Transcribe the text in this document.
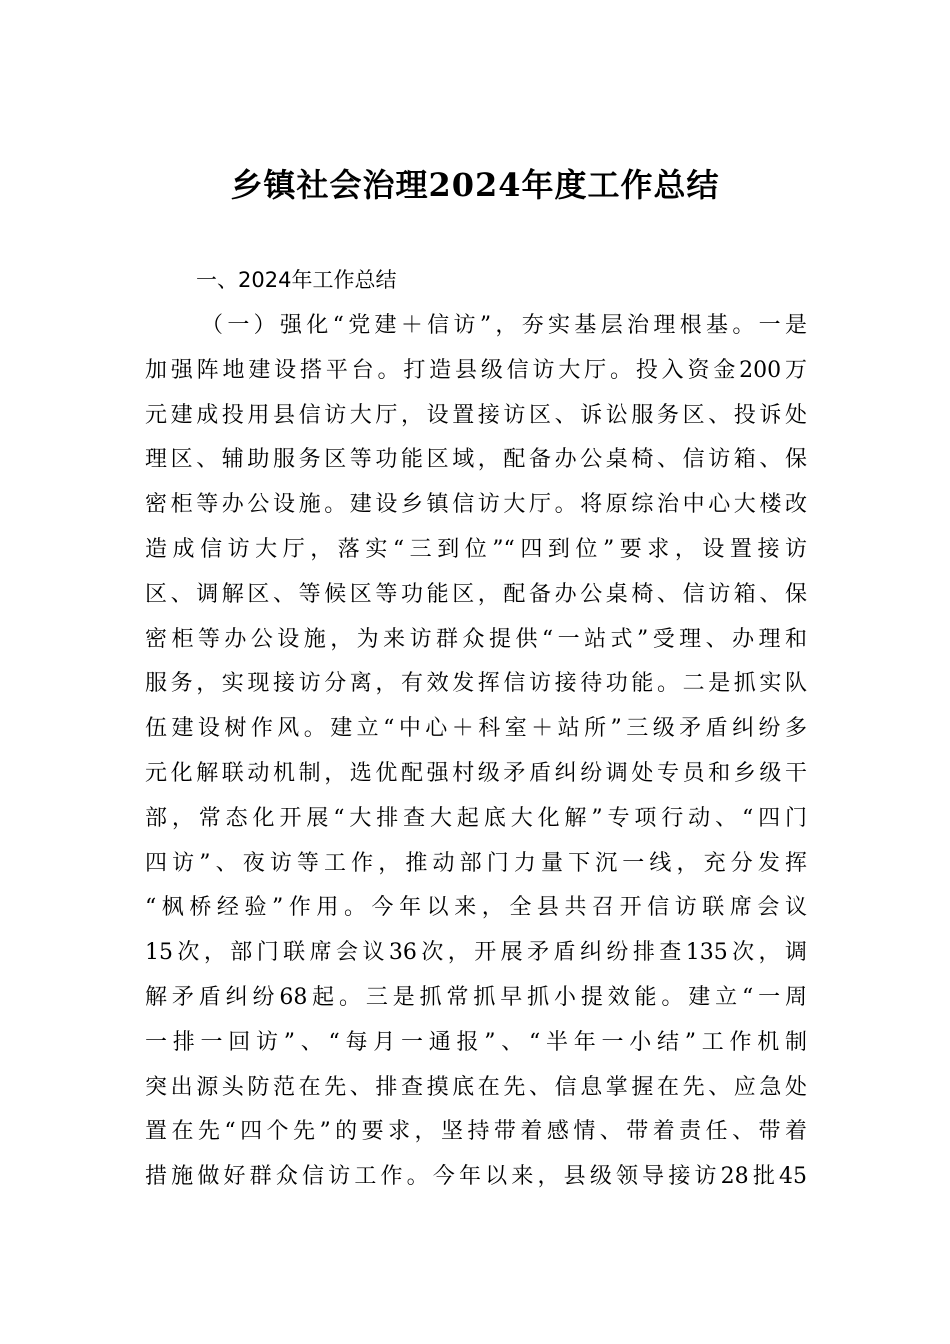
乡镇社会治理2024年度工作总结
一、2024年工作总结
（一）强化“党建＋信访”，夯实基层治理根基。一是
加强阵地建设搭平台。打造县级信访大厅。投入资金200万
元建成投用县信访大厅，设置接访区、诉讼服务区、投诉处
理区、辅助服务区等功能区域，配备办公桌椅、信访箱、保
密柜等办公设施。建设乡镇信访大厅。将原综治中心大楼改
造成信访大厅，落实“三到位”“四到位”要求，设置接访
区、调解区、等候区等功能区，配备办公桌椅、信访箱、保
密柜等办公设施，为来访群众提供“一站式”受理、办理和
服务，实现接访分离，有效发挥信访接待功能。二是抓实队
伍建设树作风。建立“中心＋科室＋站所”三级矛盾纠纷多
元化解联动机制，选优配强村级矛盾纠纷调处专员和乡级干
部，常态化开展“大排查大起底大化解”专项行动、“四门
四访”、夜访等工作，推动部门力量下沉一线，充分发挥
“枫桥经验”作用。今年以来，全县共召开信访联席会议
15次，部门联席会议36次，开展矛盾纠纷排查135次，调
解矛盾纠纷68起。三是抓常抓早抓小提效能。建立“一周
一排一回访”、“每月一通报”、“半年一小结”工作机制
突出源头防范在先、排查摸底在先、信息掌握在先、应急处
置在先“四个先”的要求，坚持带着感情、带着责任、带着
措施做好群众信访工作。今年以来，县级领导接访28批45
